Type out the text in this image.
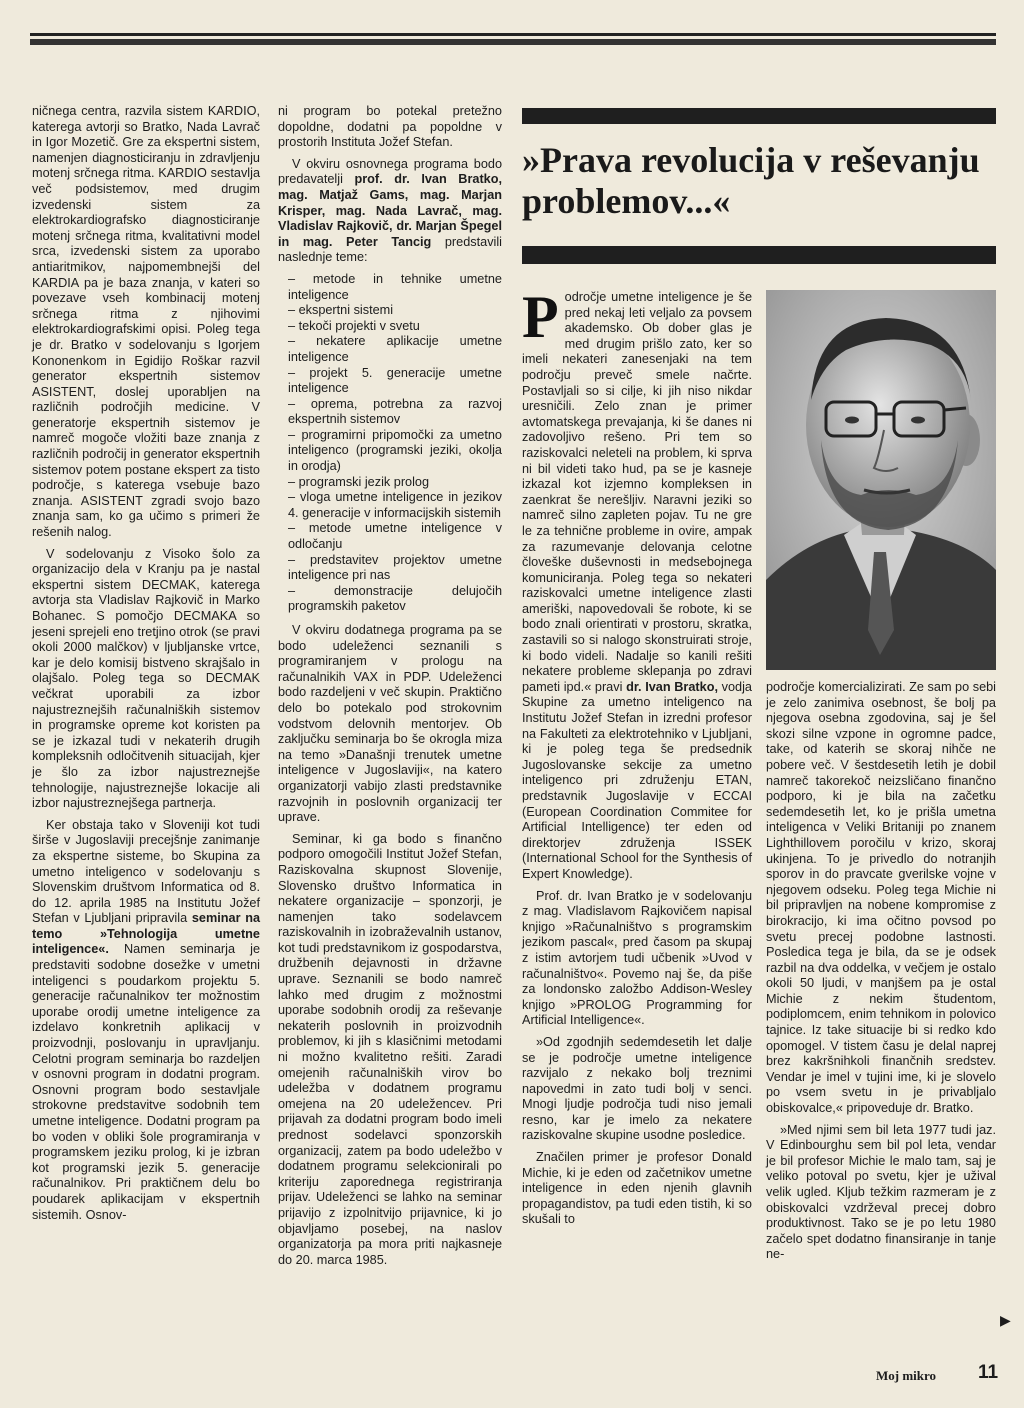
ničnega centra, razvila sistem KARDIO, katerega avtorji so Bratko, Nada Lavrač in Igor Mozetič. Gre za ekspertni sistem, namenjen diagnosticiranju in zdravljenju motenj srčnega ritma. KARDIO sestavlja več podsistemov, med drugim izvedenski sistem za elektrokardiografsko diagnosticiranje motenj srčnega ritma, kvalitativni model srca, izvedenski sistem za uporabo antiaritmikov, najpomembnejši del KARDIA pa je baza znanja, v kateri so povezave vseh kombinacij motenj srčnega ritma z njihovimi elektrokardiografskimi opisi. Poleg tega je dr. Bratko v sodelovanju s Igorjem Kononenkom in Egidijo Roškar razvil generator ekspertnih sistemov ASISTENT, doslej uporabljen na različnih področjih medicine. V generatorje ekspertnih sistemov je namreč mogoče vložiti baze znanja z različnih področij in generator ekspertnih sistemov potem postane ekspert za tisto področje, s katerega vsebuje bazo znanja. ASISTENT zgradi svojo bazo znanja sam, ko ga učimo s primeri že rešenih nalog.

V sodelovanju z Visoko šolo za organizacijo dela v Kranju pa je nastal ekspertni sistem DECMAK, katerega avtorja sta Vladislav Rajkovič in Marko Bohanec. S pomočjo DECMAKA so jeseni sprejeli eno tretjino otrok (se pravi okoli 2000 malčkov) v ljubljanske vrtce, kar je delo komisij bistveno skrajšalo in olajšalo. Poleg tega so DECMAK večkrat uporabili za izbor najustreznejših računalniških sistemov in programske opreme kot koristen pa se je izkazal tudi v nekaterih drugih kompleksnih odločitvenih situacijah, kjer je šlo za izbor najustreznejše tehnologije, najustreznejše lokacije ali izbor najustreznejšega partnerja.

Ker obstaja tako v Sloveniji kot tudi širše v Jugoslaviji precejšnje zanimanje za ekspertne sisteme, bo Skupina za umetno inteligenco v sodelovanju s Slovenskim društvom Informatica od 8. do 12. aprila 1985 na Institutu Jožef Stefan v Ljubljani pripravila seminar na temo »Tehnologija umetne inteligence«. Namen seminarja je predstaviti sodobne dosežke v umetni inteligenci s poudarkom projektu 5. generacije računalnikov ter možnostim uporabe orodij umetne inteligence za izdelavo konkretnih aplikacij v proizvodnji, poslovanju in upravljanju. Celotni program seminarja bo razdeljen v osnovni program in dodatni program. Osnovni program bodo sestavljale strokovne predstavitve sodobnih tem umetne inteligence. Dodatni program pa bo voden v obliki šole programiranja v programskem jeziku prolog, ki je izbran kot programski jezik 5. generacije računalnikov. Pri praktičnem delu bo poudarek aplikacijam v ekspertnih sistemih. Osnov-

ni program bo potekal pretežno dopoldne, dodatni pa popoldne v prostorih Instituta Jožef Stefan.

V okviru osnovnega programa bodo predavatelji prof. dr. Ivan Bratko, mag. Matjaž Gams, mag. Marjan Krisper, mag. Nada Lavrač, mag. Vladislav Rajkovič, dr. Marjan Špegel in mag. Peter Tancig predstavili naslednje teme:

– metode in tehnike umetne inteligence

– ekspertni sistemi

– tekoči projekti v svetu

– nekatere aplikacije umetne inteligence

– projekt 5. generacije umetne inteligence

– oprema, potrebna za razvoj ekspertnih sistemov

– programirni pripomočki za umetno inteligenco (programski jeziki, okolja in orodja)

– programski jezik prolog

– vloga umetne inteligence in jezikov 4. generacije v informacijskih sistemih

– metode umetne inteligence v odločanju

– predstavitev projektov umetne inteligence pri nas

– demonstracije delujočih programskih paketov

V okviru dodatnega programa pa se bodo udeleženci seznanili s programiranjem v prologu na računalnikih VAX in PDP. Udeleženci bodo razdeljeni v več skupin. Praktično delo bo potekalo pod strokovnim vodstvom delovnih mentorjev. Ob zaključku seminarja bo še okrogla miza na temo »Današnji trenutek umetne inteligence v Jugoslaviji«, na katero organizatorji vabijo zlasti predstavnike razvojnih in poslovnih organizacij ter uprave.

Seminar, ki ga bodo s finančno podporo omogočili Institut Jožef Stefan, Raziskovalna skupnost Slovenije, Slovensko društvo Informatica in nekatere organizacije – sponzorji, je namenjen tako sodelavcem raziskovalnih in izobraževalnih ustanov, kot tudi predstavnikom iz gospodarstva, družbenih dejavnosti in državne uprave. Seznanili se bodo namreč lahko med drugim z možnostmi uporabe sodobnih orodij za reševanje nekaterih poslovnih in proizvodnih problemov, ki jih s klasičnimi metodami ni možno kvalitetno rešiti. Zaradi omejenih računalniških virov bo udeležba v dodatnem programu omejena na 20 udeležencev. Pri prijavah za dodatni program bodo imeli prednost sodelavci sponzorskih organizacij, zatem pa bodo udeležbo v dodatnem programu selekcionirali po kriteriju zaporednega registriranja prijav. Udeleženci se lahko na seminar prijavijo z izpolnitvijo prijavnice, ki jo objavljamo posebej, na naslov organizatorja pa mora priti najkasneje do 20. marca 1985.

»Prava revolucija v reševanju problemov...«

Področje umetne inteligence je še pred nekaj leti veljalo za povsem akademsko. Ob dober glas je med drugim prišlo zato, ker so imeli nekateri zanesenjaki na tem področju preveč smele načrte. Postavljali so si cilje, ki jih niso nikdar uresničili. Zelo znan je primer avtomatskega prevajanja, ki še danes ni zadovoljivo rešeno. Pri tem so raziskovalci neleteli na problem, ki sprva ni bil videti tako hud, pa se je kasneje izkazal kot izjemno kompleksen in zaenkrat še nerešljiv. Naravni jeziki so namreč silno zapleten pojav. Tu ne gre le za tehnične probleme in ovire, ampak za razumevanje delovanja celotne človeške duševnosti in medsebojnega komuniciranja. Poleg tega so nekateri raziskovalci umetne inteligence zlasti ameriški, napovedovali še robote, ki se bodo znali orientirati v prostoru, skratka, zastavili so si nalogo skonstruirati stroje, ki bodo videli. Nadalje so kanili rešiti nekatere probleme sklepanja po zdravi pameti ipd.« pravi dr. Ivan Bratko, vodja Skupine za umetno inteligenco na Institutu Jožef Stefan in izredni profesor na Fakulteti za elektrotehniko v Ljubljani, ki je poleg tega še predsednik Jugoslovanske sekcije za umetno inteligenco pri združenju ETAN, predstavnik Jugoslavije v ECCAI (European Coordination Commitee for Artificial Intelligence) ter eden od direktorjev združenja ISSEK (International School for the Synthesis of Expert Knowledge).

Prof. dr. Ivan Bratko je v sodelovanju z mag. Vladislavom Rajkovičem napisal knjigo »Računalništvo s programskim jezikom pascal«, pred časom pa skupaj z istim avtorjem tudi učbenik »Uvod v računalništvo«. Povemo naj še, da piše za londonsko založbo Addison-Wesley knjigo »PROLOG Programming for Artificial Intelligence«.

»Od zgodnjih sedemdesetih let dalje se je področje umetne inteligence razvijalo z nekako bolj treznimi napovedmi in zato tudi bolj v senci. Mnogi ljudje področja tudi niso jemali resno, kar je imelo za nekatere raziskovalne skupine usodne posledice.

Značilen primer je profesor Donald Michie, ki je eden od začetnikov umetne inteligence in eden njenih glavnih propagandistov, pa tudi eden tistih, ki so skušali to

področje komercializirati. Ze sam po sebi je zelo zanimiva osebnost, še bolj pa njegova osebna zgodovina, saj je šel skozi silne vzpone in ogromne padce, take, od katerih se skoraj nihče ne pobere več. V šestdesetih letih je dobil namreč takorekoč neizsličano finančno podporo, ki je bila na začetku sedemdesetih let, ko je prišla umetna inteligenca v Veliki Britaniji po znanem Lighthillovem poročilu v krizo, skoraj ukinjena. To je privedlo do notranjih sporov in do pravcate gverilske vojne v njegovem odseku. Poleg tega Michie ni bil pripravljen na nobene kompromise z birokracijo, ki ima očitno povsod po svetu precej podobne lastnosti. Posledica tega je bila, da se je odsek razbil na dva oddelka, v večjem je ostalo okoli 50 ljudi, v manjšem pa je ostal Michie z nekim študentom, podiplomcem, enim tehnikom in polovico tajnice. Iz take situacije bi si redko kdo opomogel. V tistem času je delal naprej brez kakršnihkoli finančnih sredstev. Vendar je imel v tujini ime, ki je slovelo po vsem svetu in je privabljalo obiskovalce,« pripoveduje dr. Bratko.

»Med njimi sem bil leta 1977 tudi jaz. V Edinbourghu sem bil pol leta, vendar je bil profesor Michie le malo tam, saj je veliko potoval po svetu, kjer je užival velik ugled. Kljub težkim razmeram je z obiskovalci vzdrževal precej dobro produktivnost. Tako se je po letu 1980 začelo spet dodatno finansiranje in tanje ne-

▶
Moj mikro 11
